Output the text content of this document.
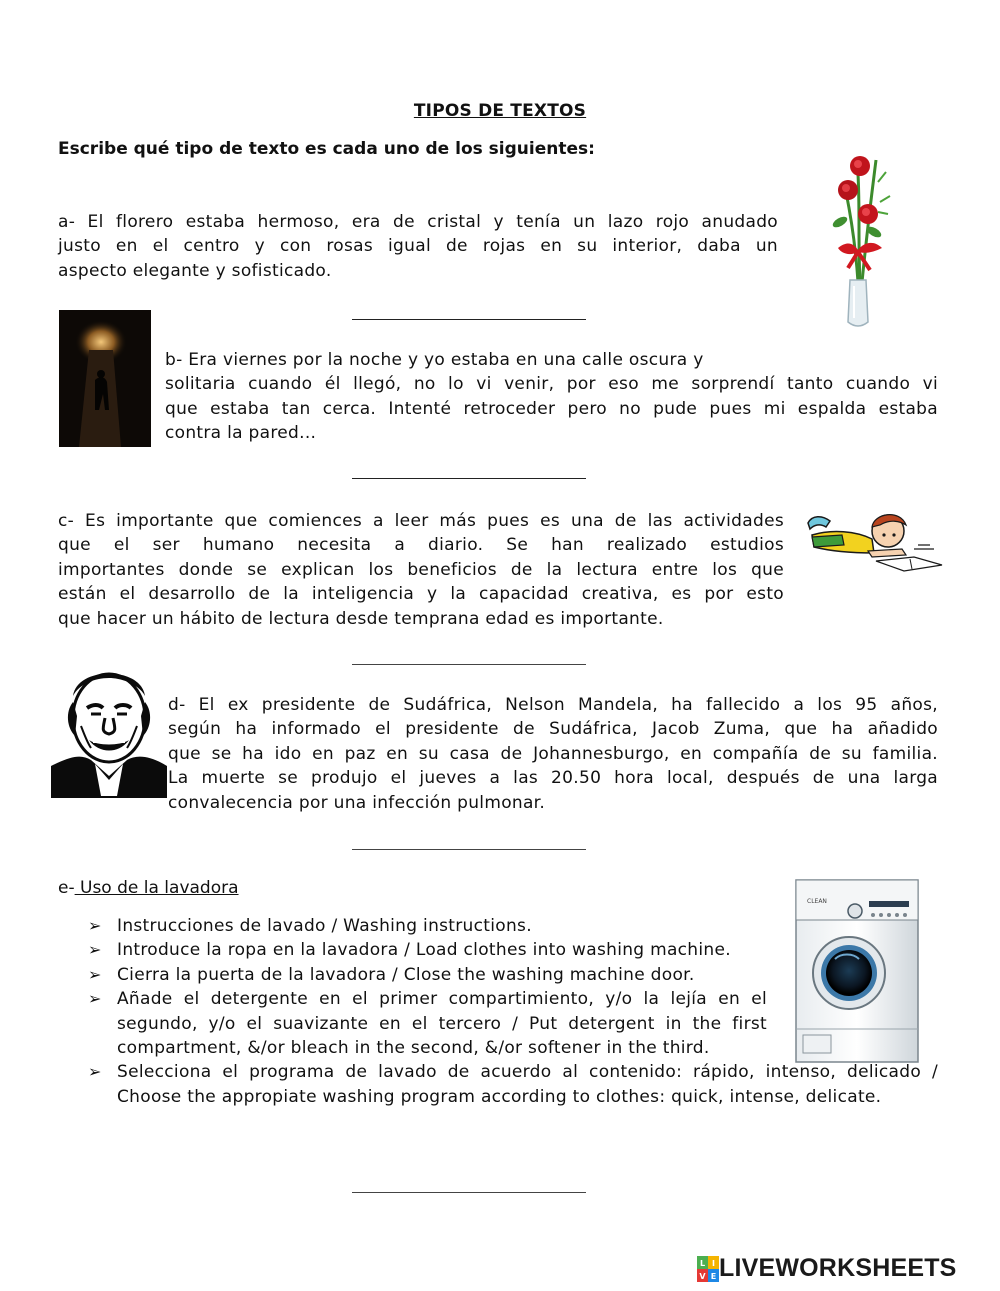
TIPOS DE TEXTOS
Escribe qué tipo de texto es cada uno de los siguientes:
a- El florero estaba hermoso, era de cristal y tenía un lazo rojo anudado
justo en el centro y con rosas igual de rojas en su interior, daba un
aspecto elegante y sofisticado.
b- Era viernes por la noche y yo estaba en una calle oscura y
solitaria cuando él llegó, no lo vi venir, por eso me sorprendí tanto cuando vi
que estaba tan cerca. Intenté retroceder pero no pude pues mi espalda estaba
contra la pared...
c- Es importante que comiences a leer más pues es una de las actividades
que el ser humano necesita a diario. Se han realizado estudios
importantes donde se explican los beneficios de la lectura entre los que
están el desarrollo de la inteligencia y la capacidad creativa, es por esto
que hacer un hábito de lectura desde temprana edad es importante.
d- El ex presidente de Sudáfrica, Nelson Mandela, ha fallecido a los 95 años,
según ha informado el presidente de Sudáfrica, Jacob Zuma, que ha añadido
que se ha ido en paz en su casa de Johannesburgo, en compañía de su familia.
La muerte se produjo el jueves a las 20.50 hora local, después de una larga
convalecencia por una infección pulmonar.
e- Uso de la lavadora
CLEAN
➢ Instrucciones de lavado / Washing instructions.
➢ Introduce la ropa en la lavadora / Load clothes into washing machine.
➢ Cierra la puerta de la lavadora / Close the washing machine door.
➢ Añade el detergente en el primer compartimiento, y/o la lejía en el segundo, y/o el suavizante en el tercero / Put detergent in the first compartment, &/or bleach in the second, &/or softener in the third.
➢ Selecciona el programa de lavado de acuerdo al contenido: rápido, intenso, delicado / Choose the appropiate washing program according to clothes: quick, intense, delicate.
L I
V E LIVEWORKSHEETS
